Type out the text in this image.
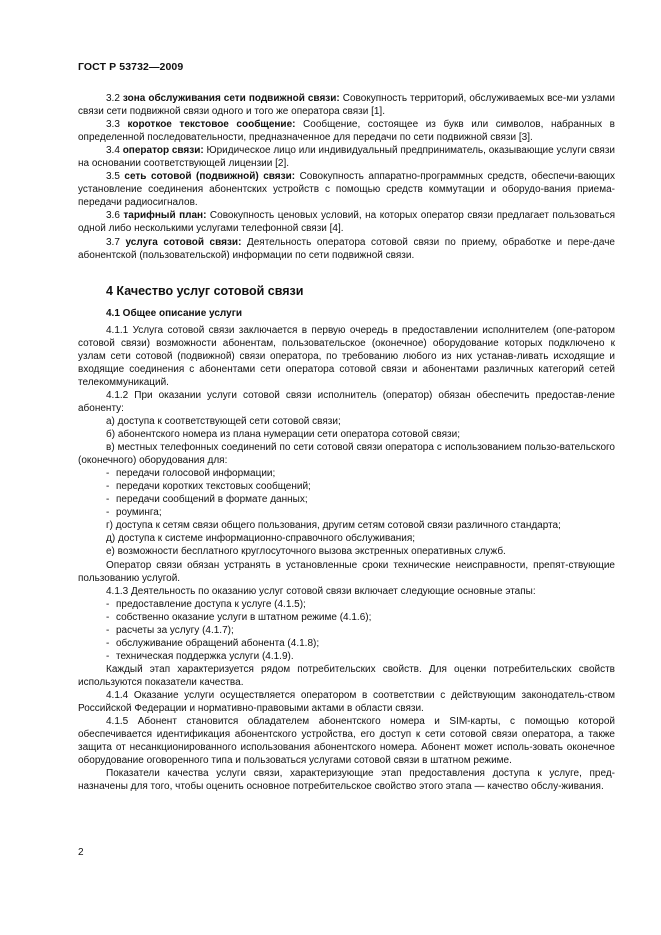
ГОСТ Р 53732—2009

3.2 зона обслуживания сети подвижной связи: Совокупность территорий, обслуживаемых все-ми узлами связи сети подвижной связи одного и того же оператора связи [1].

3.3 короткое текстовое сообщение: Сообщение, состоящее из букв или символов, набранных в определенной последовательности, предназначенное для передачи по сети подвижной связи [3].

3.4 оператор связи: Юридическое лицо или индивидуальный предприниматель, оказывающие услуги связи на основании соответствующей лицензии [2].

3.5 сеть сотовой (подвижной) связи: Совокупность аппаратно-программных средств, обеспечи-вающих установление соединения абонентских устройств с помощью средств коммутации и оборудо-вания приема-передачи радиосигналов.

3.6 тарифный план: Совокупность ценовых условий, на которых оператор связи предлагает пользоваться одной либо несколькими услугами телефонной связи [4].

3.7 услуга сотовой связи: Деятельность оператора сотовой связи по приему, обработке и пере-даче абонентской (пользовательской) информации по сети подвижной связи.

4 Качество услуг сотовой связи
4.1 Общее описание услуги

4.1.1 Услуга сотовой связи заключается в первую очередь в предоставлении исполнителем (опе-ратором сотовой связи) возможности абонентам, пользовательское (оконечное) оборудование которых подключено к узлам сети сотовой (подвижной) связи оператора, по требованию любого из них устанав-ливать исходящие и входящие соединения с абонентами сети оператора сотовой связи и абонентами различных категорий сетей телекоммуникаций.

4.1.2 При оказании услуги сотовой связи исполнитель (оператор) обязан обеспечить предостав-ление абоненту:

а) доступа к соответствующей сети сотовой связи;

б) абонентского номера из плана нумерации сети оператора сотовой связи;

в) местных телефонных соединений по сети сотовой связи оператора с использованием пользо-вательского (оконечного) оборудования для:

- передачи голосовой информации;

- передачи коротких текстовых сообщений;

- передачи сообщений в формате данных;

- роуминга;

г) доступа к сетям связи общего пользования, другим сетям сотовой связи различного стандарта;

д) доступа к системе информационно-справочного обслуживания;

е) возможности бесплатного круглосуточного вызова экстренных оперативных служб.

Оператор связи обязан устранять в установленные сроки технические неисправности, препят-ствующие пользованию услугой.

4.1.3 Деятельность по оказанию услуг сотовой связи включает следующие основные этапы:

- предоставление доступа к услуге (4.1.5);

- собственно оказание услуги в штатном режиме (4.1.6);

- расчеты за услугу (4.1.7);

- обслуживание обращений абонента (4.1.8);

- техническая поддержка услуги (4.1.9).

Каждый этап характеризуется рядом потребительских свойств. Для оценки потребительских свойств используются показатели качества.

4.1.4 Оказание услуги осуществляется оператором в соответствии с действующим законодатель-ством Российской Федерации и нормативно-правовыми актами в области связи.

4.1.5 Абонент становится обладателем абонентского номера и SIM-карты, с помощью которой обеспечивается идентификация абонентского устройства, его доступ к сети сотовой связи оператора, а также защита от несанкционированного использования абонентского номера. Абонент может исполь-зовать оконечное оборудование оговоренного типа и пользоваться услугами сотовой связи в штатном режиме.

Показатели качества услуги связи, характеризующие этап предоставления доступа к услуге, пред-назначены для того, чтобы оценить основное потребительское свойство этого этапа — качество обслу-живания.

2
